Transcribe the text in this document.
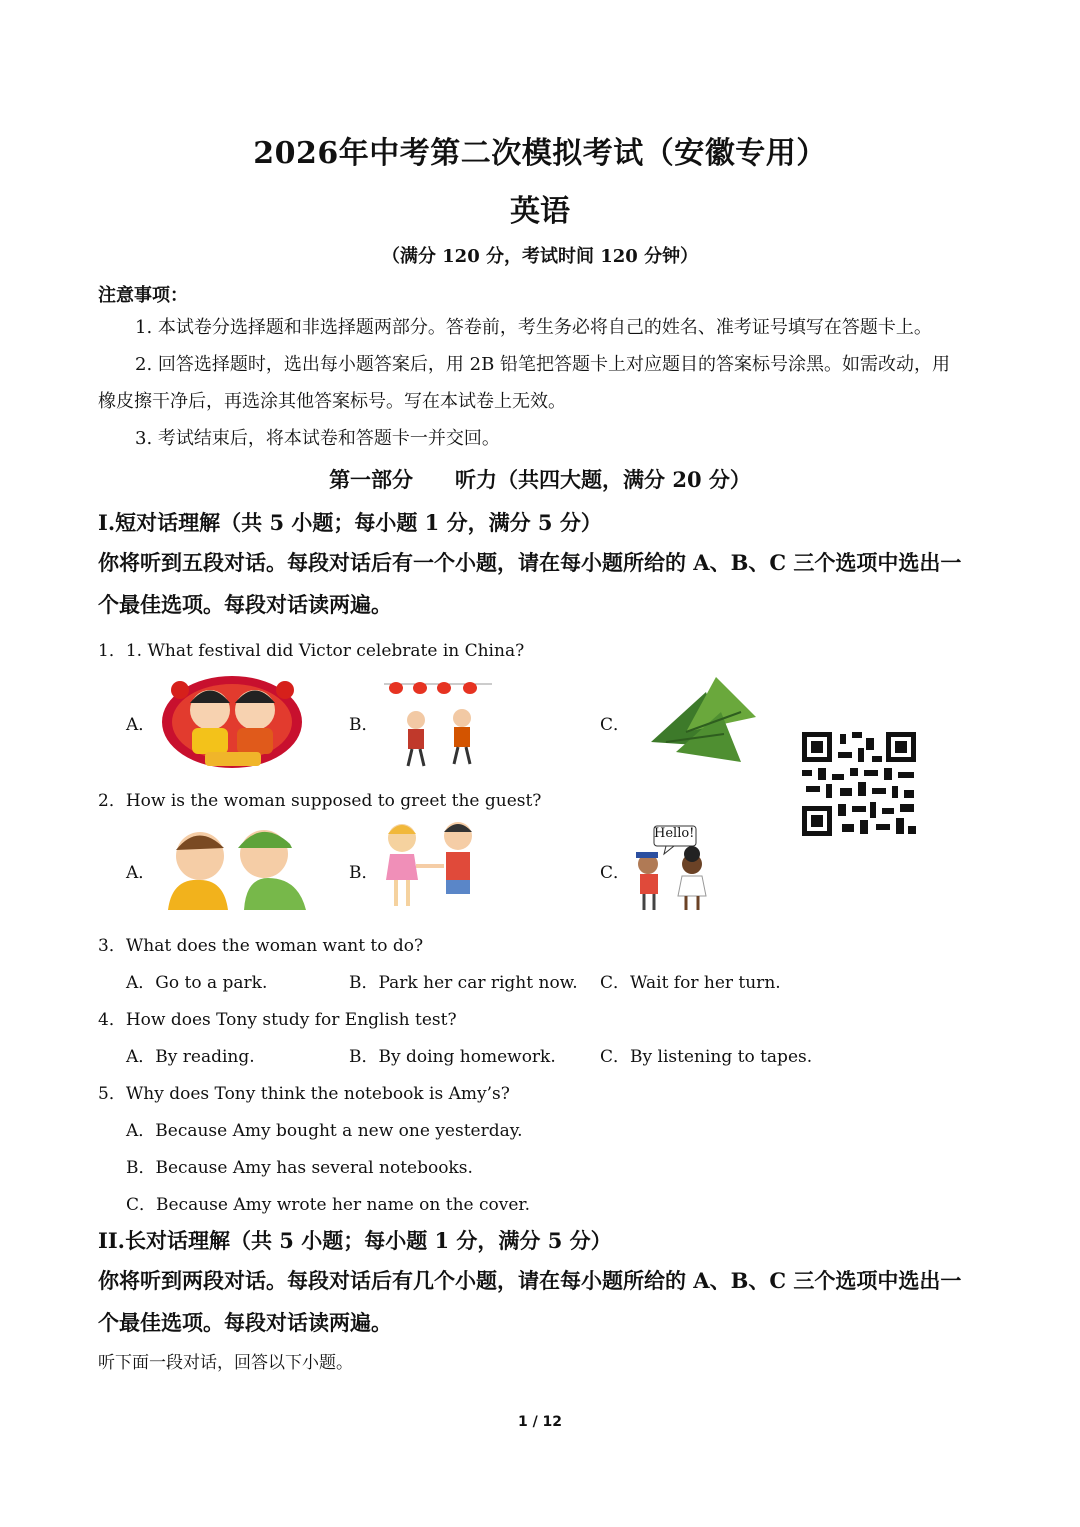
2026年中考第二次模拟考试（安徽专用）
英语
（满分 120 分，考试时间 120 分钟）
注意事项：
1. 本试卷分选择题和非选择题两部分。答卷前，考生务必将自己的姓名、准考证号填写在答题卡上。
2. 回答选择题时，选出每小题答案后，用 2B 铅笔把答题卡上对应题目的答案标号涂黑。如需改动，用
橡皮擦干净后，再选涂其他答案标号。写在本试卷上无效。
3. 考试结束后，将本试卷和答题卡一并交回。
第一部分　　听力（共四大题，满分 20 分）
I.短对话理解（共 5 小题；每小题 1 分，满分 5 分）
你将听到五段对话。每段对话后有一个小题，请在每小题所给的 A、B、C 三个选项中选出一
个最佳选项。每段对话读两遍。
1．1. What festival did Victor celebrate in China?
A．	B．	C．
2．How is the woman supposed to greet the guest?
A．	B．	C．
Hello!
3．What does the woman want to do?
A．Go to a park.	B．Park her car right now. C．Wait for her turn.
4．How does Tony study for English test?
A．By reading.	B．By doing homework.	C．By listening to tapes.
5．Why does Tony think the notebook is Amy’s?
A．Because Amy bought a new one yesterday.
B．Because Amy has several notebooks.
C．Because Amy wrote her name on the cover.
II.长对话理解（共 5 小题；每小题 1 分，满分 5 分）
你将听到两段对话。每段对话后有几个小题，请在每小题所给的 A、B、C 三个选项中选出一
个最佳选项。每段对话读两遍。
听下面一段对话，回答以下小题。
1 / 12
